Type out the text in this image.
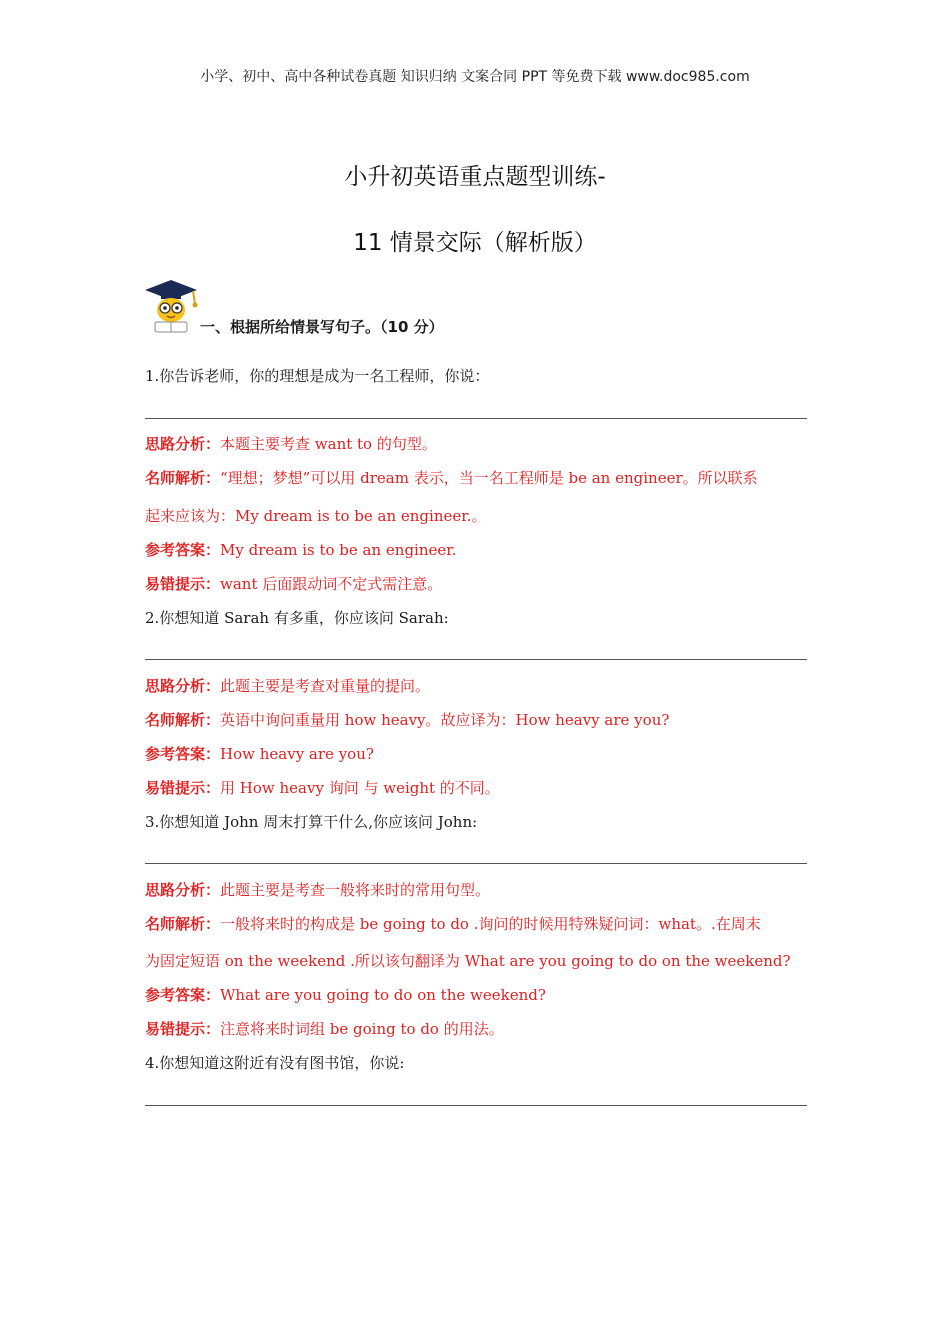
小学、初中、高中各种试卷真题 知识归纳 文案合同 PPT 等免费下载 www.doc985.com
小升初英语重点题型训练-
11 情景交际（解析版）
一、根据所给情景写句子。（10 分）
1.你告诉老师，你的理想是成为一名工程师，你说：
思路分析：本题主要考查 want to 的句型。
名师解析：“理想；梦想”可以用 dream 表示，当一名工程师是 be an engineer。所以联系
起来应该为：My dream is to be an engineer.。
参考答案：My dream is to be an engineer.
易错提示：want 后面跟动词不定式需注意。
2.你想知道 Sarah 有多重，你应该问 Sarah:
思路分析：此题主要是考查对重量的提问。
名师解析：英语中询问重量用 how heavy。故应译为：How heavy are you?
参考答案：How heavy are you?
易错提示：用 How heavy 询问 与 weight 的不同。
3.你想知道 John 周末打算干什么,你应该问 John:
思路分析：此题主要是考查一般将来时的常用句型。
名师解析：一般将来时的构成是 be going to do .询问的时候用特殊疑问词：what。.在周末
为固定短语 on the weekend .所以该句翻译为 What are you going to do on the weekend?
参考答案：What are you going to do on the weekend?
易错提示：注意将来时词组 be going to do 的用法。
4.你想知道这附近有没有图书馆，你说:
